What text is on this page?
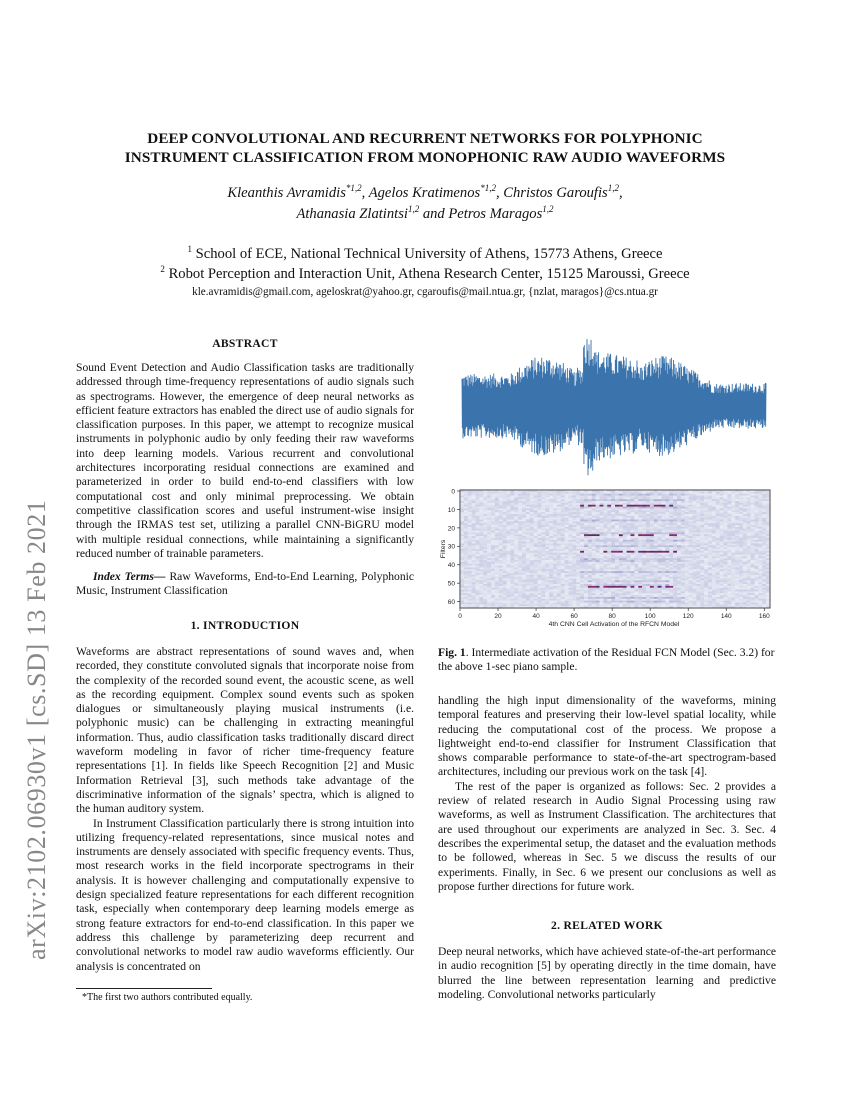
arXiv:2102.06930v1 [cs.SD] 13 Feb 2021
DEEP CONVOLUTIONAL AND RECURRENT NETWORKS FOR POLYPHONIC
INSTRUMENT CLASSIFICATION FROM MONOPHONIC RAW AUDIO WAVEFORMS
Kleanthis Avramidis$^{*1,2}$, Agelos Kratimenos$^{*1,2}$, Christos Garoufis$^{1,2}$,
Athanasia Zlatintsi$^{1,2}$ and Petros Maragos$^{1,2}$
$^1$ School of ECE, National Technical University of Athens, 15773 Athens, Greece
$^2$ Robot Perception and Interaction Unit, Athena Research Center, 15125 Maroussi, Greece
kle.avramidis@gmail.com, ageloskrat@yahoo.gr, cgaroufis@mail.ntua.gr, {nzlat, maragos}@cs.ntua.gr
ABSTRACT

Sound Event Detection and Audio Classification tasks are traditionally addressed through time-frequency representations of audio signals such as spectrograms. However, the emergence of deep neural networks as efficient feature extractors has enabled the direct use of audio signals for classification purposes. In this paper, we attempt to recognize musical instruments in polyphonic audio by only feeding their raw waveforms into deep learning models. Various recurrent and convolutional architectures incorporating residual connections are examined and parameterized in order to build end-to-end classifiers with low computational cost and only minimal preprocessing. We obtain competitive classification scores and useful instrument-wise insight through the IRMAS test set, utilizing a parallel CNN-BiGRU model with multiple residual connections, while maintaining a significantly reduced number of trainable parameters.

Index Terms— Raw Waveforms, End-to-End Learning, Polyphonic Music, Instrument Classification

1. INTRODUCTION

Waveforms are abstract representations of sound waves and, when recorded, they constitute convoluted signals that incorporate noise from the complexity of the recorded sound event, the acoustic scene, as well as the recording equipment. Complex sound events such as spoken dialogues or simultaneously playing musical instruments (i.e. polyphonic music) can be challenging in extracting meaningful information. Thus, audio classification tasks traditionally discard direct waveform modeling in favor of richer time-frequency feature representations [1]. In fields like Speech Recognition [2] and Music Information Retrieval [3], such methods take advantage of the discriminative information of the signals’ spectra, which is aligned to the human auditory system.

In Instrument Classification particularly there is strong intuition into utilizing frequency-related representations, since musical notes and instruments are densely associated with specific frequency events. Thus, most research works in the field incorporate spectrograms in their analysis. It is however challenging and computationally expensive to design specialized feature representations for each different recognition task, especially when contemporary deep learning models emerge as strong feature extractors for end-to-end classification. In this paper we address this challenge by parameterizing deep recurrent and convolutional networks to model raw audio waveforms efficiently. Our analysis is concentrated on

*The first two authors contributed equally.
0	20	40	60	80	100	120	140	160
0
10
20
30
40
50
60
4th CNN Cell Activation of the RFCN Model
Filters
Fig. 1. Intermediate activation of the Residual FCN Model (Sec. 3.2) for the above 1-sec piano sample.

handling the high input dimensionality of the waveforms, mining temporal features and preserving their low-level spatial locality, while reducing the computational cost of the process. We propose a lightweight end-to-end classifier for Instrument Classification that shows comparable performance to state-of-the-art spectrogram-based architectures, including our previous work on the task [4].

The rest of the paper is organized as follows: Sec. 2 provides a review of related research in Audio Signal Processing using raw waveforms, as well as Instrument Classification. The architectures that are used throughout our experiments are analyzed in Sec. 3. Sec. 4 describes the experimental setup, the dataset and the evaluation methods to be followed, whereas in Sec. 5 we discuss the results of our experiments. Finally, in Sec. 6 we present our conclusions as well as propose further directions for future work.

2. RELATED WORK

Deep neural networks, which have achieved state-of-the-art performance in audio recognition [5] by operating directly in the time domain, have blurred the line between representation learning and predictive modeling. Convolutional networks particularly
